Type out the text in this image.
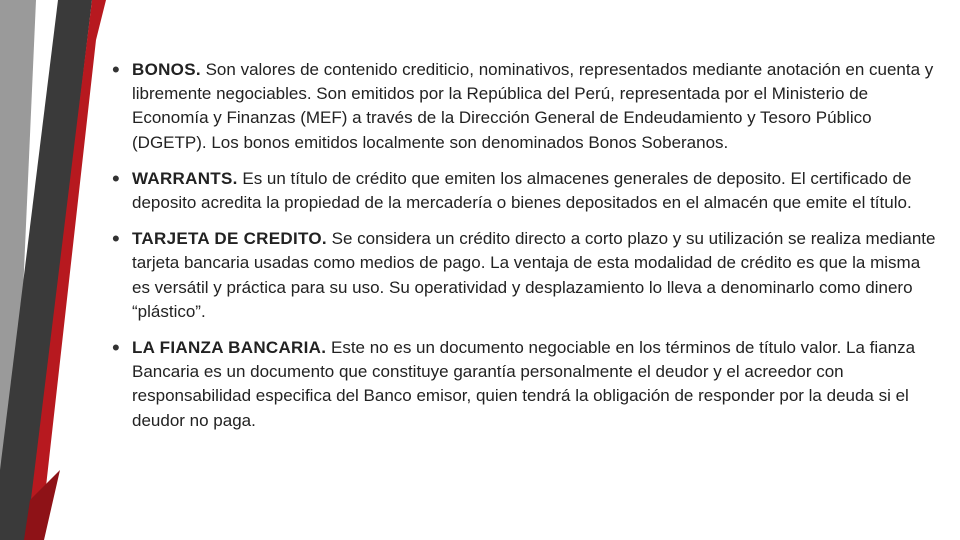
• BONOS. Son valores de contenido crediticio, nominativos, representados mediante anotación en cuenta y libremente negociables. Son emitidos por la República del Perú, representada por el Ministerio de Economía y Finanzas (MEF) a través de la Dirección General de Endeudamiento y Tesoro Público (DGETP). Los bonos emitidos localmente son denominados Bonos Soberanos.
• WARRANTS. Es un título de crédito que emiten los almacenes generales de deposito. El certificado de deposito acredita la propiedad de la mercadería o bienes depositados en el almacén que emite el título.
• TARJETA DE CREDITO. Se considera un crédito directo a corto plazo y su utilización se realiza mediante tarjeta bancaria usadas como medios de pago. La ventaja de esta modalidad de crédito es que la misma es versátil y práctica para su uso. Su operatividad y desplazamiento lo lleva a denominarlo como dinero “plástico”.
• LA FIANZA BANCARIA. Este no es un documento negociable en los términos de título valor. La fianza Bancaria es un documento que constituye garantía personalmente el deudor y el acreedor con responsabilidad especifica del Banco emisor, quien tendrá la obligación de responder por la deuda si el deudor no paga.
